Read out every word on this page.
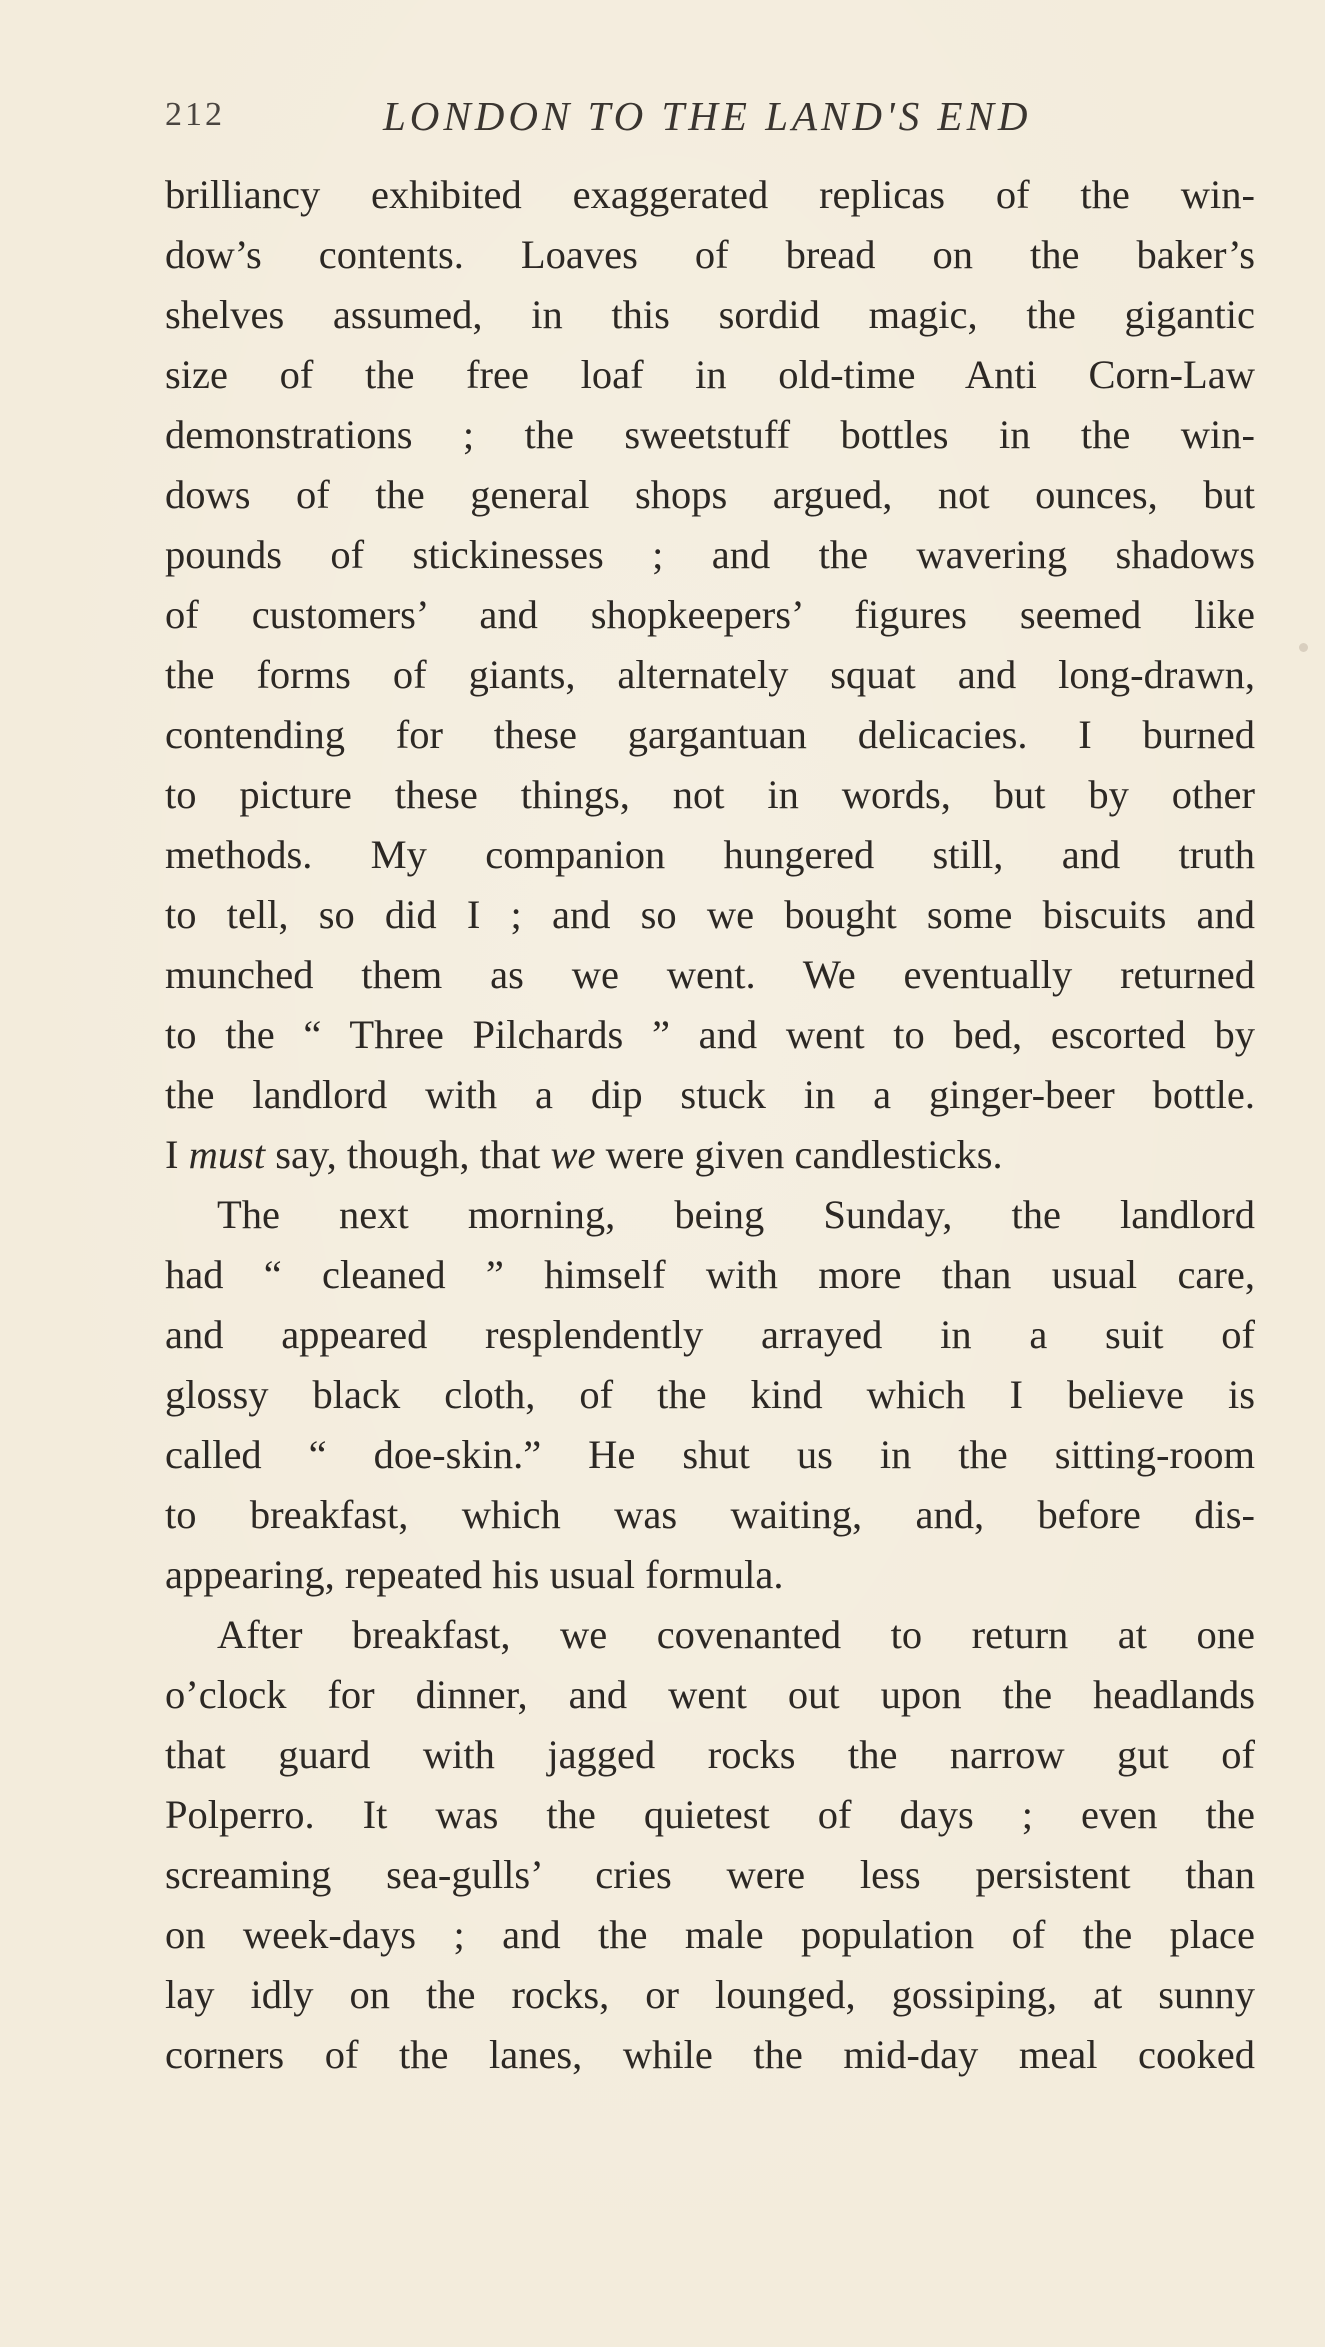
212	LONDON TO THE LAND'S END
brilliancy exhibited exaggerated replicas of the win-
dow’s contents. Loaves of bread on the baker’s
shelves assumed, in this sordid magic, the gigantic
size of the free loaf in old-time Anti Corn-Law
demonstrations ; the sweetstuff bottles in the win-
dows of the general shops argued, not ounces, but
pounds of stickinesses ; and the wavering shadows
of customers’ and shopkeepers’ figures seemed like
the forms of giants, alternately squat and long-drawn,
contending for these gargantuan delicacies. I burned
to picture these things, not in words, but by other
methods. My companion hungered still, and truth
to tell, so did I ; and so we bought some biscuits and
munched them as we went. We eventually returned
to the “ Three Pilchards ” and went to bed, escorted by
the landlord with a dip stuck in a ginger-beer bottle.
I must say, though, that we were given candlesticks.
The next morning, being Sunday, the landlord
had “ cleaned ” himself with more than usual care,
and appeared resplendently arrayed in a suit of
glossy black cloth, of the kind which I believe is
called “ doe-skin.” He shut us in the sitting-room
to breakfast, which was waiting, and, before dis-
appearing, repeated his usual formula.
After breakfast, we covenanted to return at one
o’clock for dinner, and went out upon the headlands
that guard with jagged rocks the narrow gut of
Polperro. It was the quietest of days ; even the
screaming sea-gulls’ cries were less persistent than
on week-days ; and the male population of the place
lay idly on the rocks, or lounged, gossiping, at sunny
corners of the lanes, while the mid-day meal cooked
